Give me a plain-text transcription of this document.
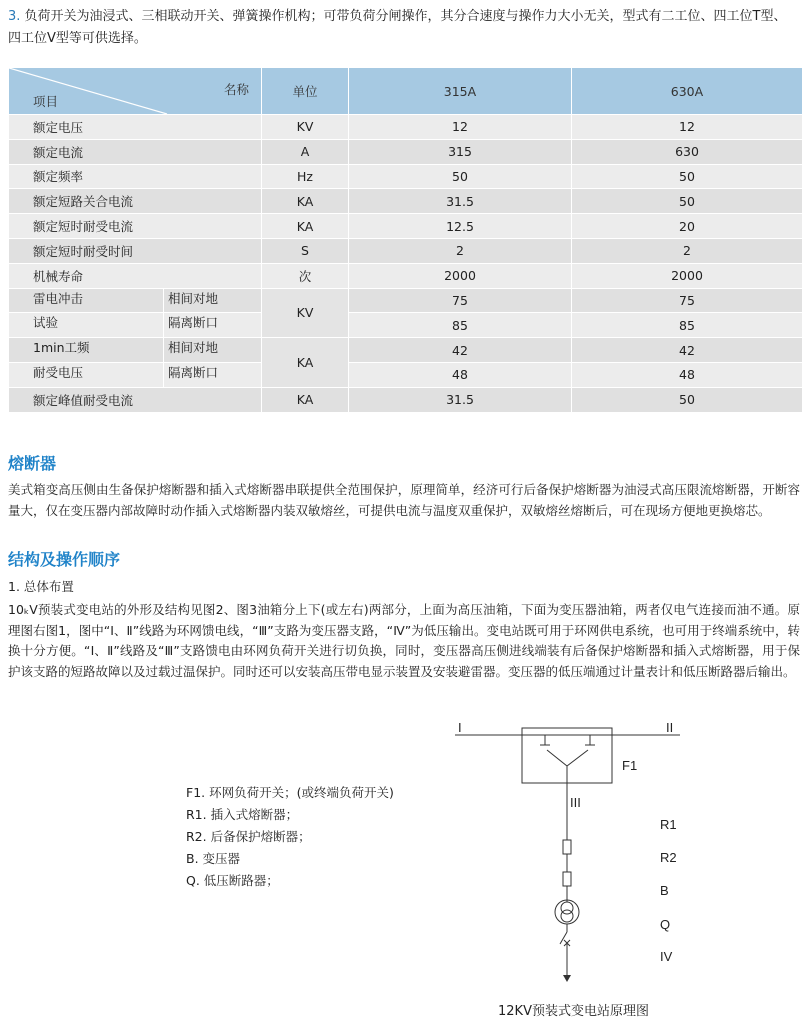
3. 负荷开关为油浸式、三相联动开关、弹簧操作机构；可带负荷分闸操作，其分合速度与操作力大小无关，型式有二工位、四工位T型、四工位V型等可供选择。
名称
项目	单位	315A	630A
额定电压	KV	12	12
额定电流	A	315	630
额定频率	Hz	50	50
额定短路关合电流	KA	31.5	50
额定短时耐受电流	KA	12.5	20
额定短时耐受时间	S	2	2
机械寿命	次	2000	2000

雷电冲击 相间对地	KV	75	75

试验 隔离断口		85	85

1min工频 相间对地	KA	42	42

耐受电压 隔离断口		48	48
额定峰值耐受电流	KA	31.5	50
熔断器
美式箱变高压侧由生备保护熔断器和插入式熔断器串联提供全范围保护，原理简单，经济可行后备保护熔断器为油浸式高压限流熔断器，开断容量大，仅在变压器内部故障时动作插入式熔断器内装双敏熔丝，可提供电流与温度双重保护，双敏熔丝熔断后，可在现场方便地更换熔芯。
结构及操作顺序
1. 总体布置
10ₖV预装式变电站的外形及结构见图2、图3油箱分上下(或左右)两部分，上面为高压油箱，下面为变压器油箱，两者仅电气连接而油不通。原理图右图1，图中“Ⅰ、Ⅱ”线路为环网馈电线，“Ⅲ”支路为变压器支路，“Ⅳ”为低压输出。变电站既可用于环网供电系统，也可用于终端系统中，转换十分方便。“Ⅰ、Ⅱ”线路及“Ⅲ”支路馈电由环网负荷开关进行切负换，同时，变压器高压侧进线端装有后备保护熔断器和插入式熔断器，用于保护该支路的短路故障以及过载过温保护。同时还可以安装高压带电显示装置及安装避雷器。变压器的低压端通过计量表计和低压断路器后输出。
F1. 环网负荷开关；(或终端负荷开关)
R1. 插入式熔断器；
R2. 后备保护熔断器；
B. 变压器
Q. 低压断路器；
I	II
F1
III
R1
R2
B
Q
IV
12KV预装式变电站原理图
